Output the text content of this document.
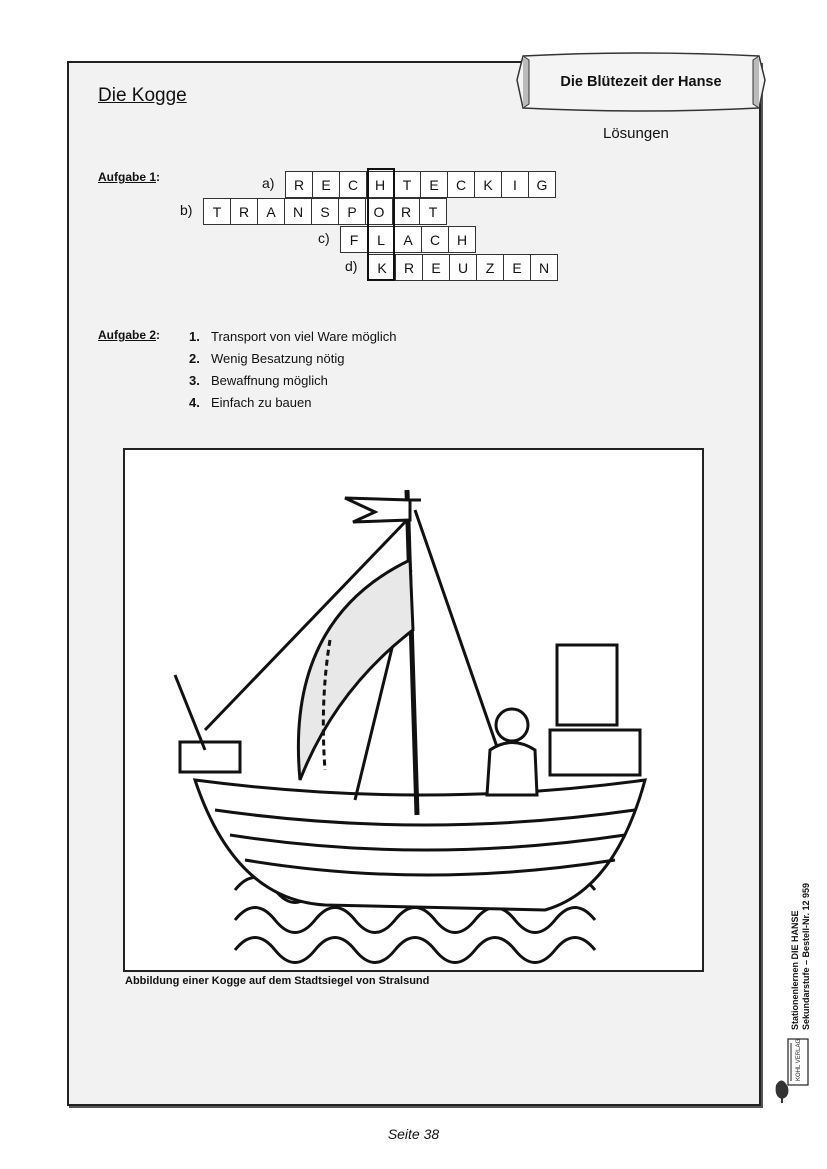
Die Blütezeit der Hanse
Die Kogge
Lösungen
Aufgabe 1:	a)	R	E	C	H	T	E	C	K	I	G
b)	T	R	A	N	S	P	O	R	T
c)	F	L	A	C	H
d)	K	R	E	U	Z	E	N
Aufgabe 2: 1. Transport von viel Ware möglich
2. Wenig Besatzung nötig
3. Bewaffnung möglich
4. Einfach zu bauen
Abbildung einer Kogge auf dem Stadtsiegel von Stralsund	Stationenlernen DIE HANSE Sekundarstufe – Bestell-Nr. 12 959
KOHL VERLAG
Seite 38
